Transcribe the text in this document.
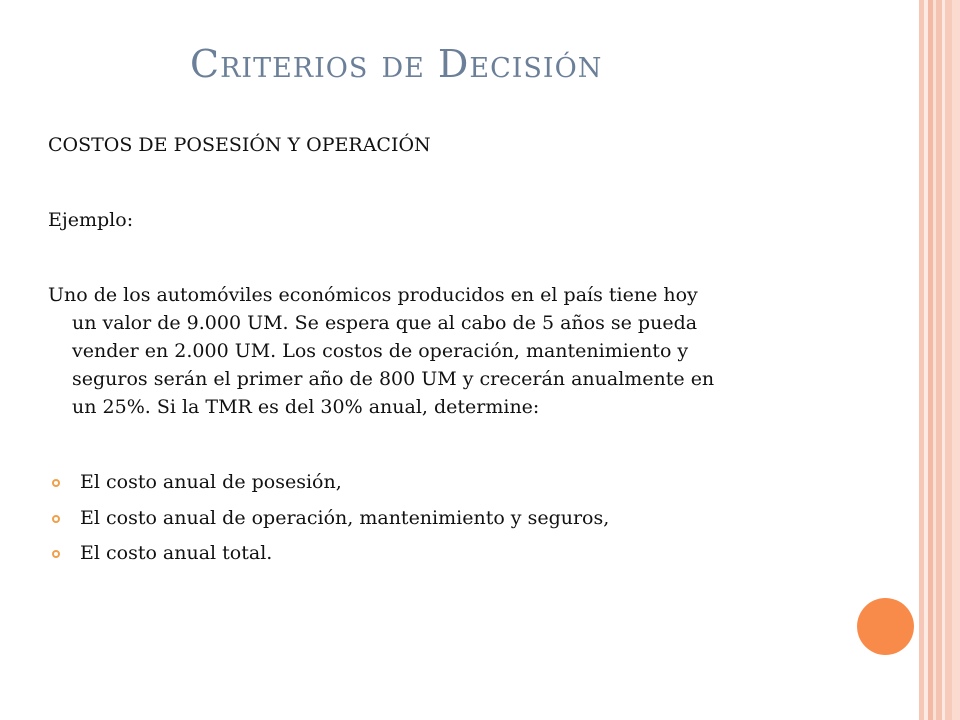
Criterios de Decisión
COSTOS DE POSESIÓN Y OPERACIÓN
Ejemplo:
Uno de los automóviles económicos producidos en el país tiene hoy
un valor de 9.000 UM. Se espera que al cabo de 5 años se pueda
vender en 2.000 UM. Los costos de operación, mantenimiento y
seguros serán el primer año de 800 UM y crecerán anualmente en
un 25%. Si la TMR es del 30% anual, determine:
El costo anual de posesión,
El costo anual de operación, mantenimiento y seguros,
El costo anual total.
